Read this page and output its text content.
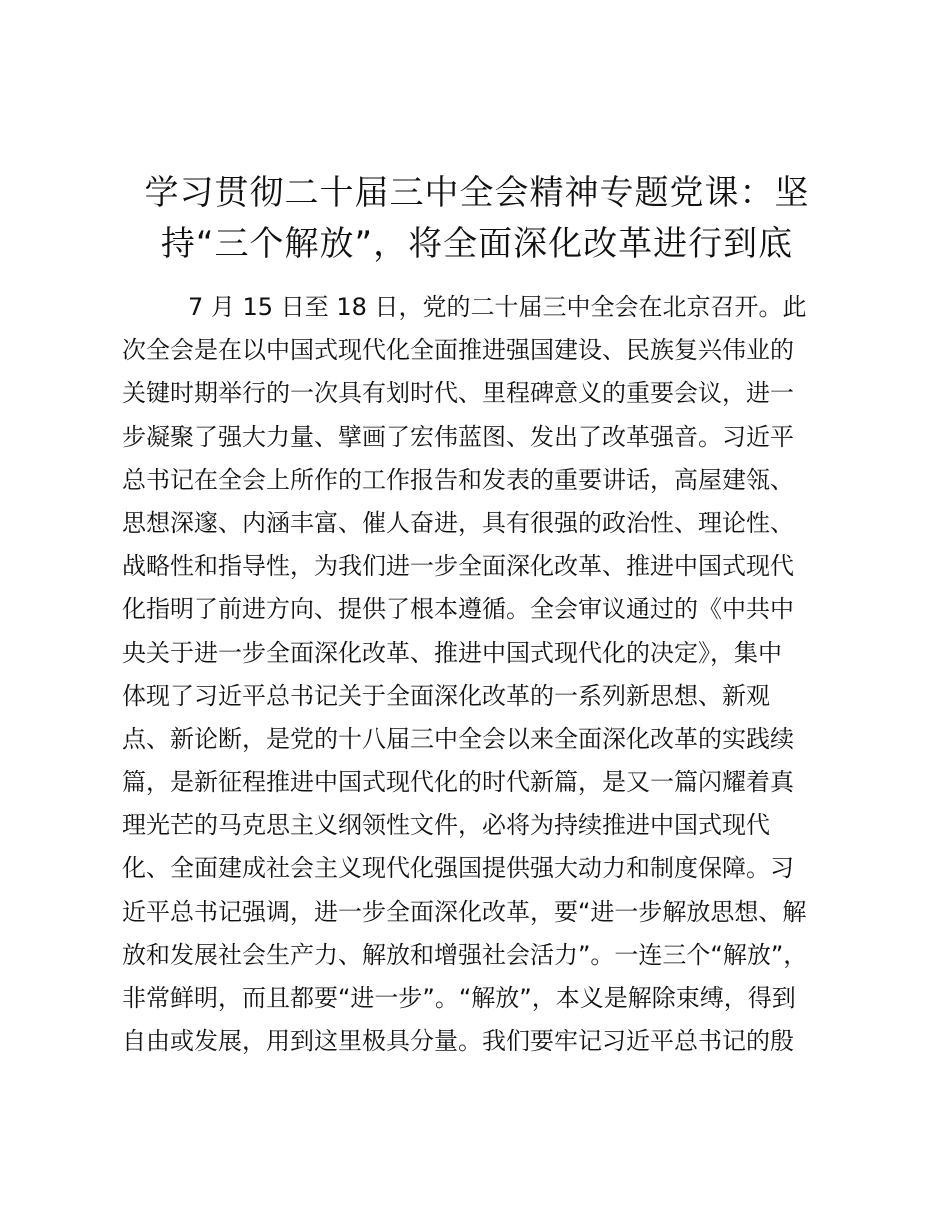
学习贯彻二十届三中全会精神专题党课：坚
持“三个解放”，将全面深化改革进行到底
7 月 15 日至 18 日，党的二十届三中全会在北京召开。此
次全会是在以中国式现代化全面推进强国建设、民族复兴伟业的
关键时期举行的一次具有划时代、里程碑意义的重要会议，进一
步凝聚了强大力量、擘画了宏伟蓝图、发出了改革强音。习近平
总书记在全会上所作的工作报告和发表的重要讲话，高屋建瓴、
思想深邃、内涵丰富、催人奋进，具有很强的政治性、理论性、
战略性和指导性，为我们进一步全面深化改革、推进中国式现代
化指明了前进方向、提供了根本遵循。全会审议通过的《中共中
央关于进一步全面深化改革、推进中国式现代化的决定》，集中
体现了习近平总书记关于全面深化改革的一系列新思想、新观
点、新论断，是党的十八届三中全会以来全面深化改革的实践续
篇，是新征程推进中国式现代化的时代新篇，是又一篇闪耀着真
理光芒的马克思主义纲领性文件，必将为持续推进中国式现代
化、全面建成社会主义现代化强国提供强大动力和制度保障。习
近平总书记强调，进一步全面深化改革，要“进一步解放思想、解
放和发展社会生产力、解放和增强社会活力”。一连三个“解放”，
非常鲜明，而且都要“进一步”。“解放”，本义是解除束缚，得到
自由或发展，用到这里极具分量。我们要牢记习近平总书记的殷
